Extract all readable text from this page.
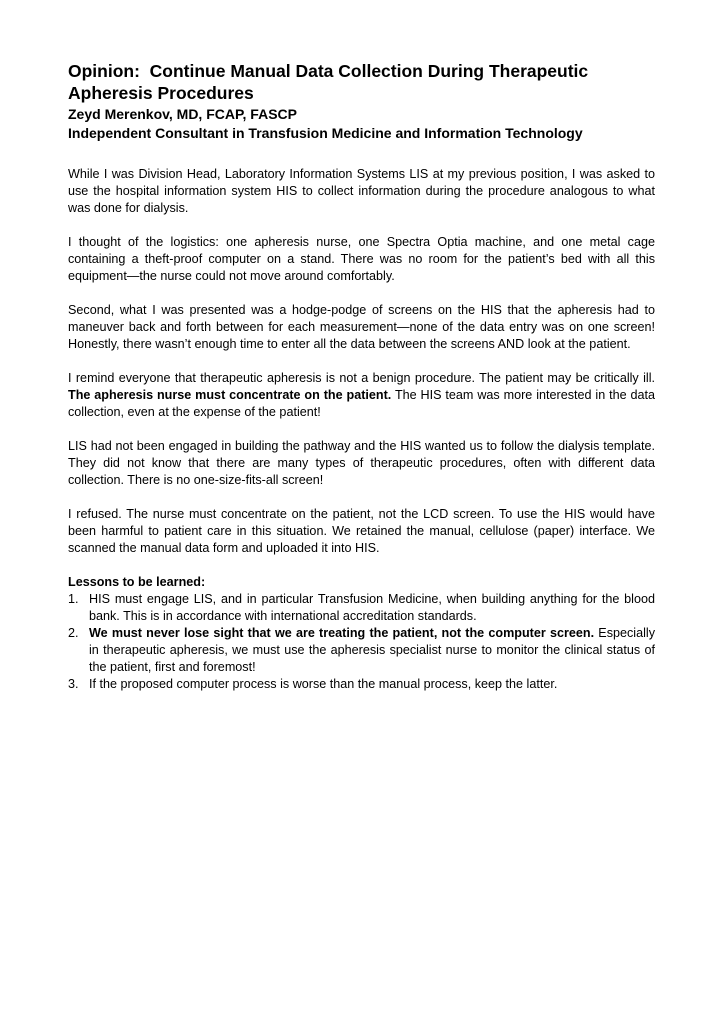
Opinion:  Continue Manual Data Collection During Therapeutic
Apheresis Procedures

Zeyd Merenkov, MD, FCAP, FASCP

Independent Consultant in Transfusion Medicine and Information Technology

While I was Division Head, Laboratory Information Systems LIS at my previous position, I was asked to use the hospital information system HIS to collect information during the procedure analogous to what was done for dialysis.

I thought of the logistics: one apheresis nurse, one Spectra Optia machine, and one metal cage containing a theft-proof computer on a stand. There was no room for the patient’s bed with all this equipment—the nurse could not move around comfortably.

Second, what I was presented was a hodge-podge of screens on the HIS that the apheresis had to maneuver back and forth between for each measurement—none of the data entry was on one screen! Honestly, there wasn’t enough time to enter all the data between the screens AND look at the patient.

I remind everyone that therapeutic apheresis is not a benign procedure. The patient may be critically ill. The apheresis nurse must concentrate on the patient. The HIS team was more interested in the data collection, even at the expense of the patient!

LIS had not been engaged in building the pathway and the HIS wanted us to follow the dialysis template. They did not know that there are many types of therapeutic procedures, often with different data collection. There is no one-size-fits-all screen!

I refused. The nurse must concentrate on the patient, not the LCD screen. To use the HIS would have been harmful to patient care in this situation. We retained the manual, cellulose (paper) interface. We scanned the manual data form and uploaded it into HIS.

Lessons to be learned:

1. HIS must engage LIS, and in particular Transfusion Medicine, when building anything for the blood bank. This is in accordance with international accreditation standards.
2. We must never lose sight that we are treating the patient, not the computer screen. Especially in therapeutic apheresis, we must use the apheresis specialist nurse to monitor the clinical status of the patient, first and foremost!
3. If the proposed computer process is worse than the manual process, keep the latter.
